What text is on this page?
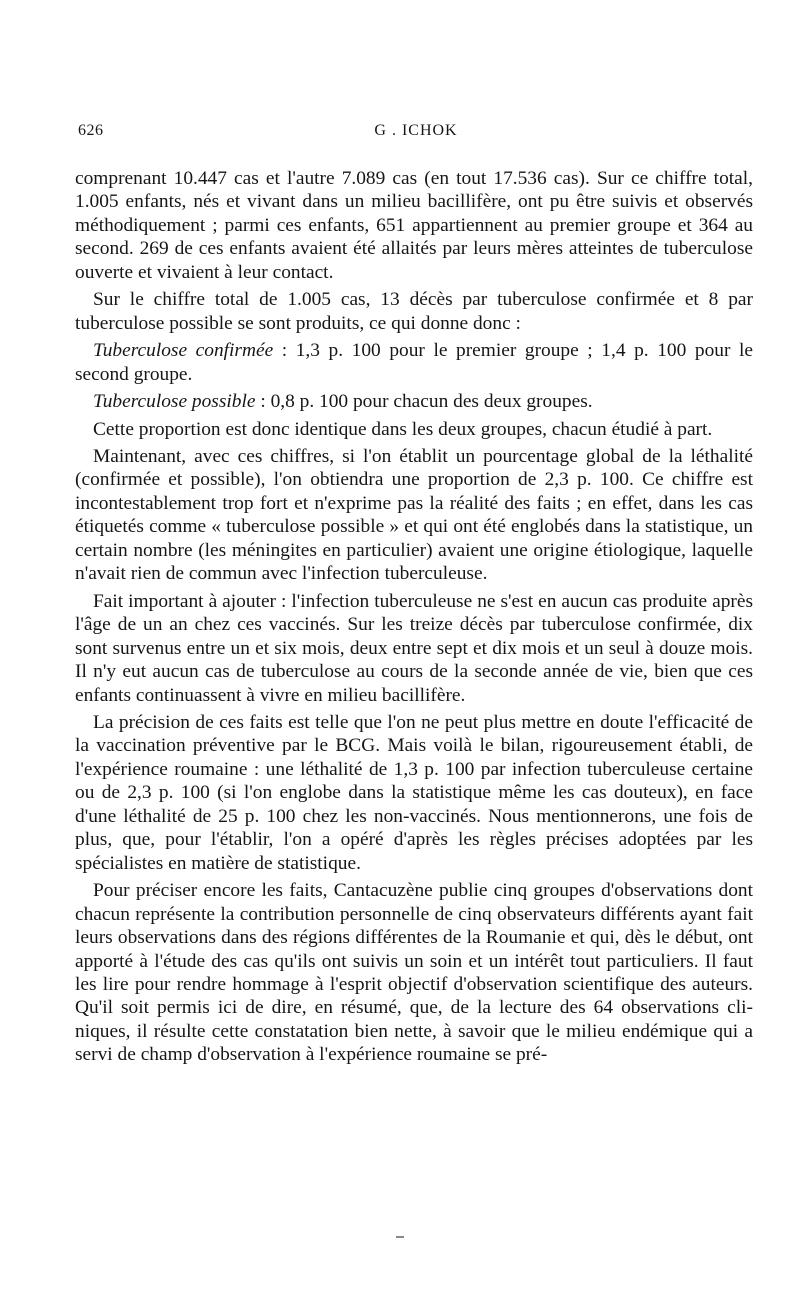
626	G . ICHOK

comprenant 10.447 cas et l'autre 7.089 cas (en tout 17.536 cas). Sur ce chiffre total, 1.005 enfants, nés et vivant dans un milieu bacillifère, ont pu être suivis et observés méthodiquement ; parmi ces enfants, 651 appartiennent au premier groupe et 364 au second. 269 de ces enfants avaient été allaités par leurs mères atteintes de tuberculose ouverte et vivaient à leur contact.

Sur le chiffre total de 1.005 cas, 13 décès par tuberculose confirmée et 8 par tuberculose possible se sont produits, ce qui donne donc :

Tuberculose confirmée : 1,3 p. 100 pour le premier groupe ; 1,4 p. 100 pour le second groupe.

Tuberculose possible : 0,8 p. 100 pour chacun des deux groupes.

Cette proportion est donc identique dans les deux groupes, chacun étudié à part.

Maintenant, avec ces chiffres, si l'on établit un pourcentage global de la léthalité (confirmée et possible), l'on obtiendra une proportion de 2,3 p. 100. Ce chiffre est incontestablement trop fort et n'exprime pas la réalité des faits ; en effet, dans les cas étiquetés comme « tuberculose possible » et qui ont été englobés dans la statistique, un certain nombre (les méningites en particulier) avaient une origine étiologique, laquelle n'avait rien de commun avec l'infection tuberculeuse.

Fait important à ajouter : l'infection tuberculeuse ne s'est en aucun cas produite après l'âge de un an chez ces vaccinés. Sur les treize décès par tuberculose confirmée, dix sont survenus entre un et six mois, deux entre sept et dix mois et un seul à douze mois. Il n'y eut aucun cas de tuberculose au cours de la seconde année de vie, bien que ces enfants continuassent à vivre en milieu bacillifère.

La précision de ces faits est telle que l'on ne peut plus mettre en doute l'efficacité de la vaccination préventive par le BCG. Mais voilà le bilan, rigoureusement établi, de l'expérience roumaine : une léthalité de 1,3 p. 100 par infection tuberculeuse certaine ou de 2,3 p. 100 (si l'on englobe dans la statistique même les cas douteux), en face d'une léthalité de 25 p. 100 chez les non-vaccinés. Nous mentionnerons, une fois de plus, que, pour l'établir, l'on a opéré d'après les règles précises adoptées par les spécialistes en matière de statistique.

Pour préciser encore les faits, Cantacuzène publie cinq groupes d'observations dont chacun représente la contribution personnelle de cinq observateurs différents ayant fait leurs observations dans des régions différentes de la Roumanie et qui, dès le début, ont apporté à l'étude des cas qu'ils ont suivis un soin et un intérêt tout particuliers. Il faut les lire pour rendre hommage à l'esprit objectif d'observation scientifique des auteurs. Qu'il soit permis ici de dire, en résumé, que, de la lecture des 64 observations cliniques, il résulte cette constatation bien nette, à savoir que le milieu endémique qui a servi de champ d'observation à l'expérience roumaine se pré-
